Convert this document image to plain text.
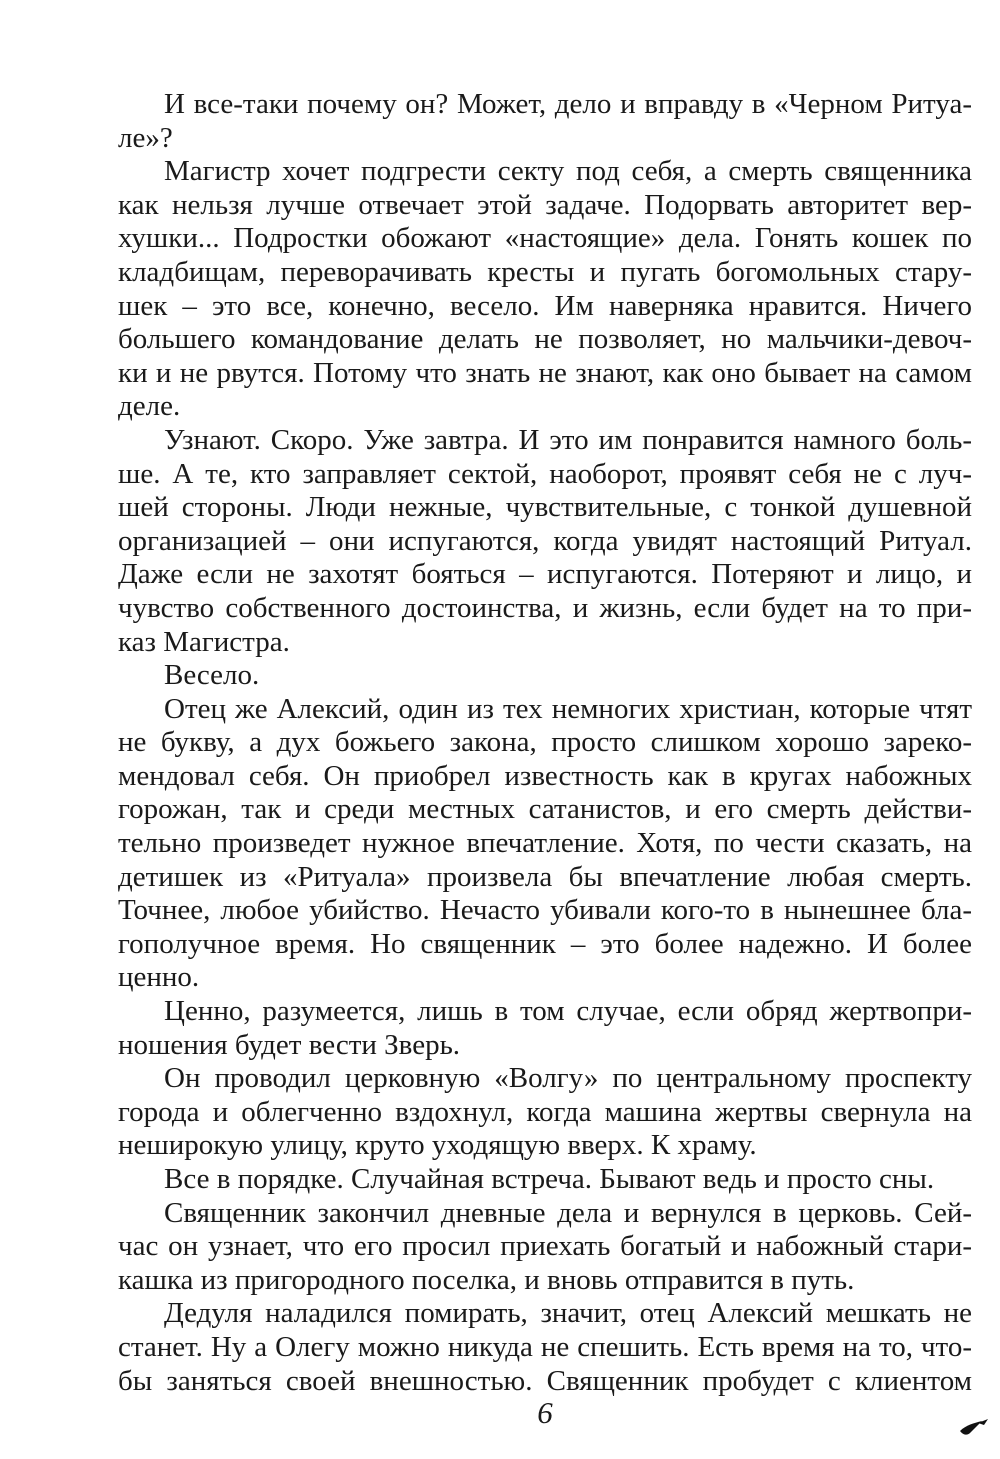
И все-таки почему он? Может, дело и вправду в «Черном Ритуа-
ле»?
Магистр хочет подгрести секту под себя, а смерть священника
как нельзя лучше отвечает этой задаче. Подорвать авторитет вер-
хушки... Подростки обожают «настоящие» дела. Гонять кошек по
кладбищам, переворачивать кресты и пугать богомольных стару-
шек – это все, конечно, весело. Им наверняка нравится. Ничего
большего командование делать не позволяет, но мальчики-девоч-
ки и не рвутся. Потому что знать не знают, как оно бывает на самом
деле.
Узнают. Скоро. Уже завтра. И это им понравится намного боль-
ше. А те, кто заправляет сектой, наоборот, проявят себя не с луч-
шей стороны. Люди нежные, чувствительные, с тонкой душевной
организацией – они испугаются, когда увидят настоящий Ритуал.
Даже если не захотят бояться – испугаются. Потеряют и лицо, и
чувство собственного достоинства, и жизнь, если будет на то при-
каз Магистра.
Весело.
Отец же Алексий, один из тех немногих христиан, которые чтят
не букву, а дух божьего закона, просто слишком хорошо зареко-
мендовал себя. Он приобрел известность как в кругах набожных
горожан, так и среди местных сатанистов, и его смерть действи-
тельно произведет нужное впечатление. Хотя, по чести сказать, на
детишек из «Ритуала» произвела бы впечатление любая смерть.
Точнее, любое убийство. Нечасто убивали кого-то в нынешнее бла-
гополучное время. Но священник – это более надежно. И более
ценно.
Ценно, разумеется, лишь в том случае, если обряд жертвопри-
ношения будет вести Зверь.
Он проводил церковную «Волгу» по центральному проспекту
города и облегченно вздохнул, когда машина жертвы свернула на
неширокую улицу, круто уходящую вверх. К храму.
Все в порядке. Случайная встреча. Бывают ведь и просто сны.
Священник закончил дневные дела и вернулся в церковь. Сей-
час он узнает, что его просил приехать богатый и набожный стари-
кашка из пригородного поселка, и вновь отправится в путь.
Дедуля наладился помирать, значит, отец Алексий мешкать не
станет. Ну а Олегу можно никуда не спешить. Есть время на то, что-
бы заняться своей внешностью. Священник пробудет с клиентом
6
